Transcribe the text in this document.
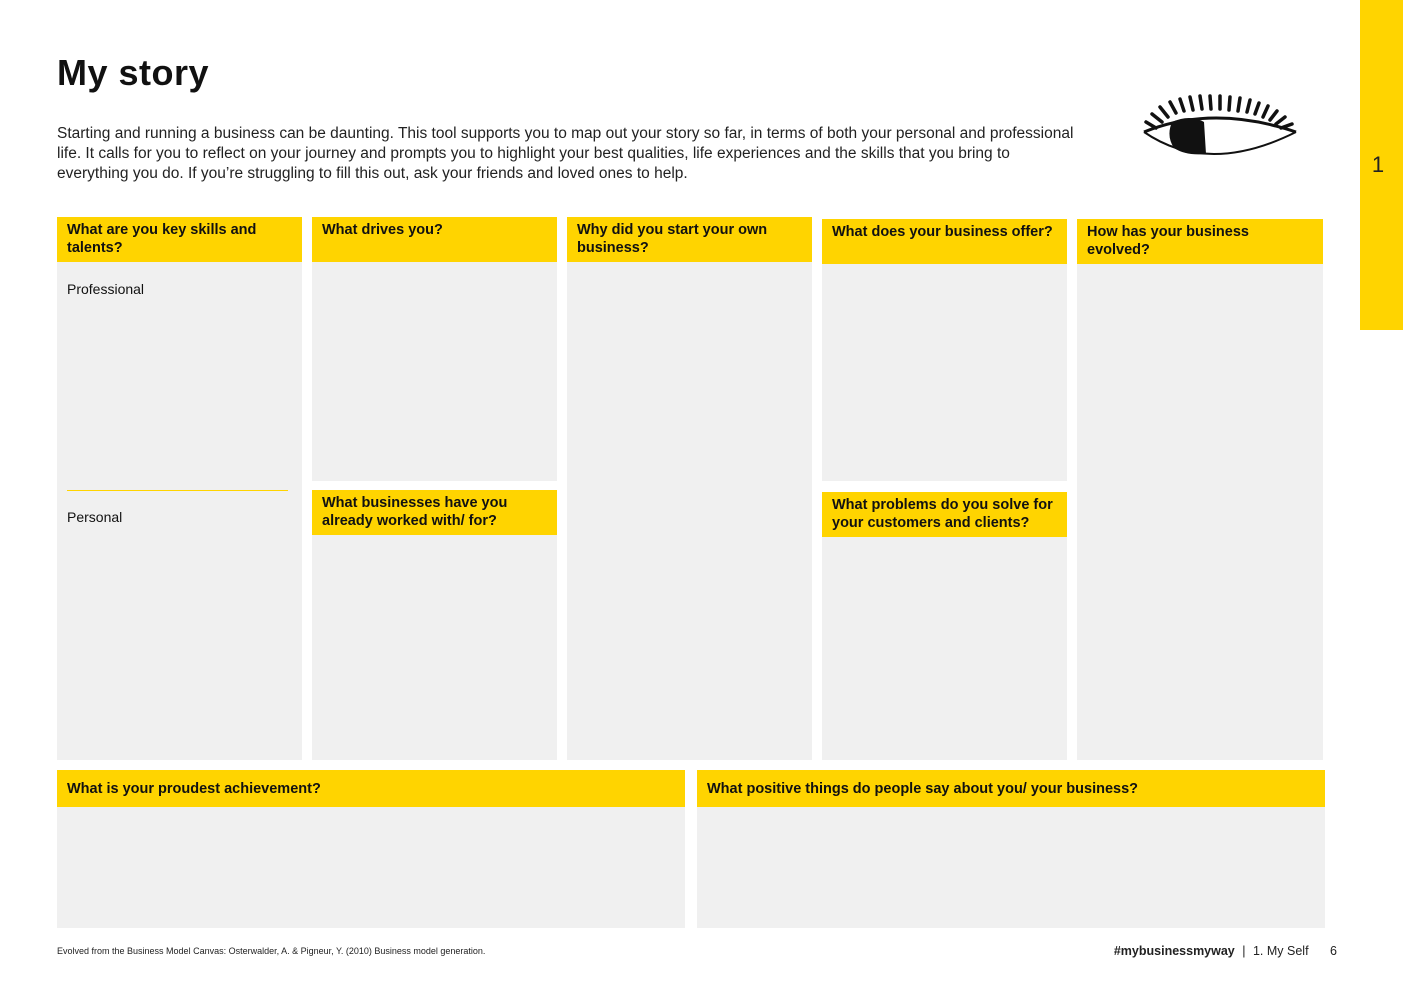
1
My story
Starting and running a business can be daunting. This tool supports you to map out your story so far, in terms of both your personal and professional life. It calls for you to reflect on your journey and prompts you to highlight your best qualities, life experiences and the skills that you bring to everything you do. If you’re struggling to fill this out, ask your friends and loved ones to help.
What are you key skills and talents?
Professional
Personal
What drives you?
What businesses have you already worked with/ for?
Why did you start your own business?
What does your business offer?
What problems do you solve for your customers and clients?
How has your business evolved?
What is your proudest achievement?	What positive things do people say about you/ your business?
Evolved from the Business Model Canvas: Osterwalder, A. & Pigneur, Y. (2010) Business model generation.	#mybusinessmyway | 1. My Self 6
